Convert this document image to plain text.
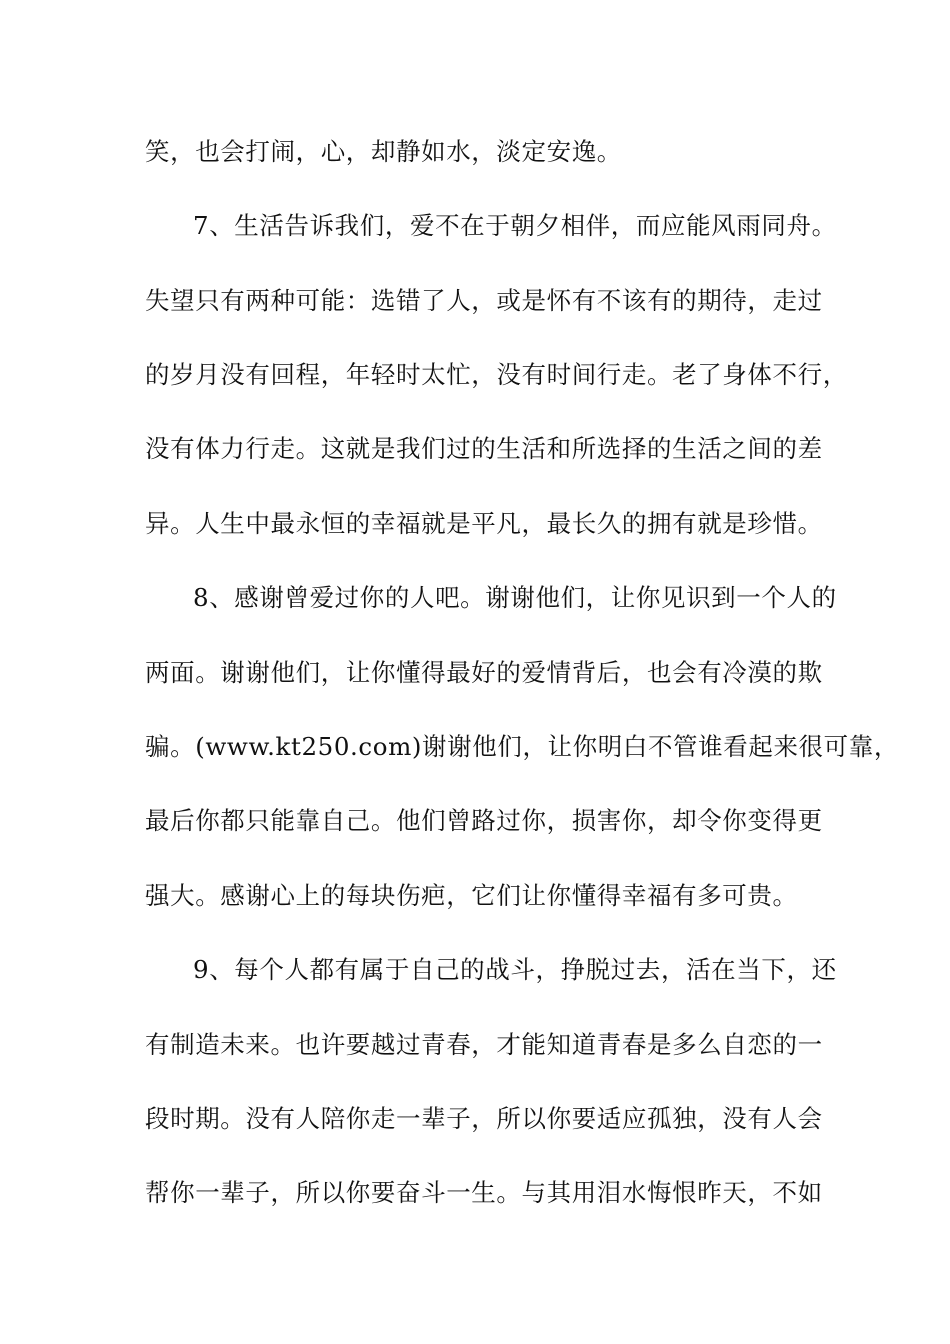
笑，也会打闹，心，却静如水，淡定安逸。
7、生活告诉我们，爱不在于朝夕相伴，而应能风雨同舟。
失望只有两种可能：选错了人，或是怀有不该有的期待，走过
的岁月没有回程，年轻时太忙，没有时间行走。老了身体不行，
没有体力行走。这就是我们过的生活和所选择的生活之间的差
异。人生中最永恒的幸福就是平凡，最长久的拥有就是珍惜。
8、感谢曾爱过你的人吧。谢谢他们，让你见识到一个人的
两面。谢谢他们，让你懂得最好的爱情背后，也会有冷漠的欺
骗。(www.kt250.com)谢谢他们，让你明白不管谁看起来很可靠，
最后你都只能靠自己。他们曾路过你，损害你，却令你变得更
强大。感谢心上的每块伤疤，它们让你懂得幸福有多可贵。
9、每个人都有属于自己的战斗，挣脱过去，活在当下，还
有制造未来。也许要越过青春，才能知道青春是多么自恋的一
段时期。没有人陪你走一辈子，所以你要适应孤独，没有人会
帮你一辈子，所以你要奋斗一生。与其用泪水悔恨昨天，不如
